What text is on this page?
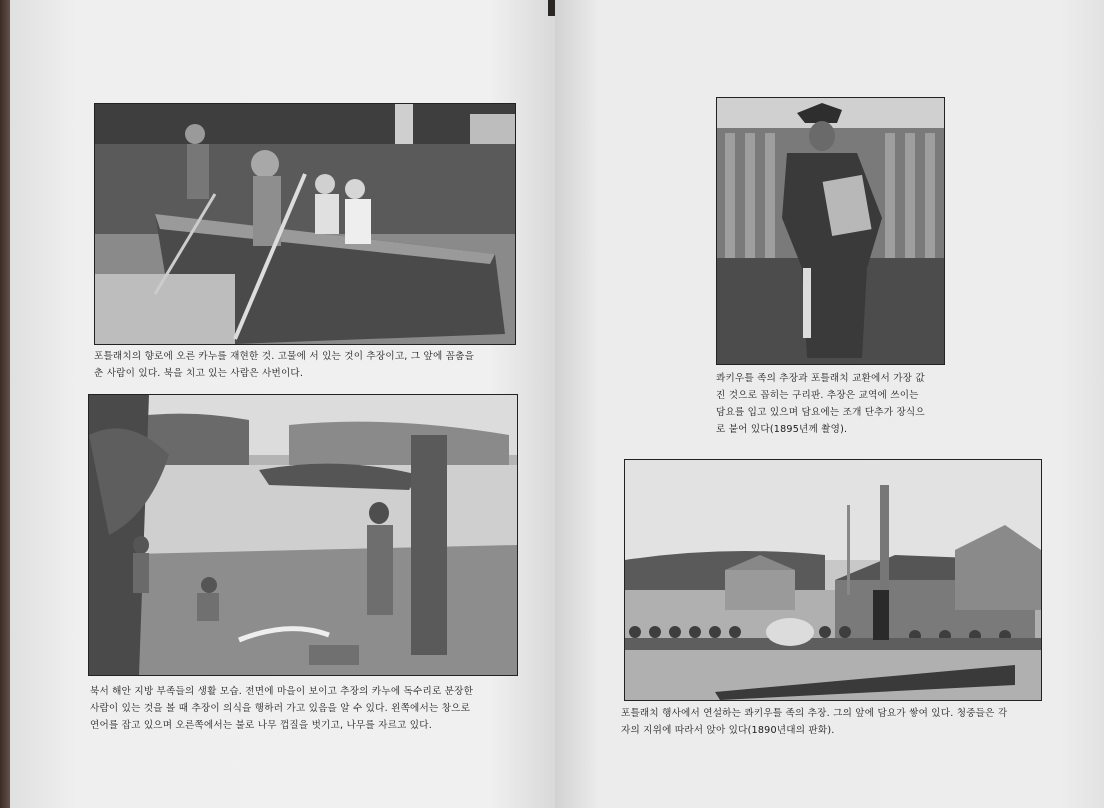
포틀래치의 향로에 오른 카누를 재현한 것. 고물에 서 있는 것이 추장이고, 그 앞에 꼼춤을
춘 사람이 있다. 북을 치고 있는 사람은 사번이다.
북서 해안 지방 부족들의 생활 모습. 전면에 마을이 보이고 추장의 카누에 독수리로 분장한
사람이 있는 것을 볼 때 추장이 의식을 행하러 가고 있음을 알 수 있다. 왼쪽에서는 창으로
연어를 잡고 있으며 오른쪽에서는 불로 나무 껍질을 벗기고, 나무를 자르고 있다.
콰키우틀 족의 추장과 포틀래치 교환에서 가장 값
진 것으로 꼽히는 구리판. 추장은 교역에 쓰이는
담요를 입고 있으며 담요에는 조개 단추가 장식으
로 붙어 있다(1895년께 촬영).
포틀래치 행사에서 연설하는 콰키우틀 족의 추장. 그의 앞에 담요가 쌓여 있다. 청중들은 각
자의 지위에 따라서 앉아 있다(1890년대의 판화).
